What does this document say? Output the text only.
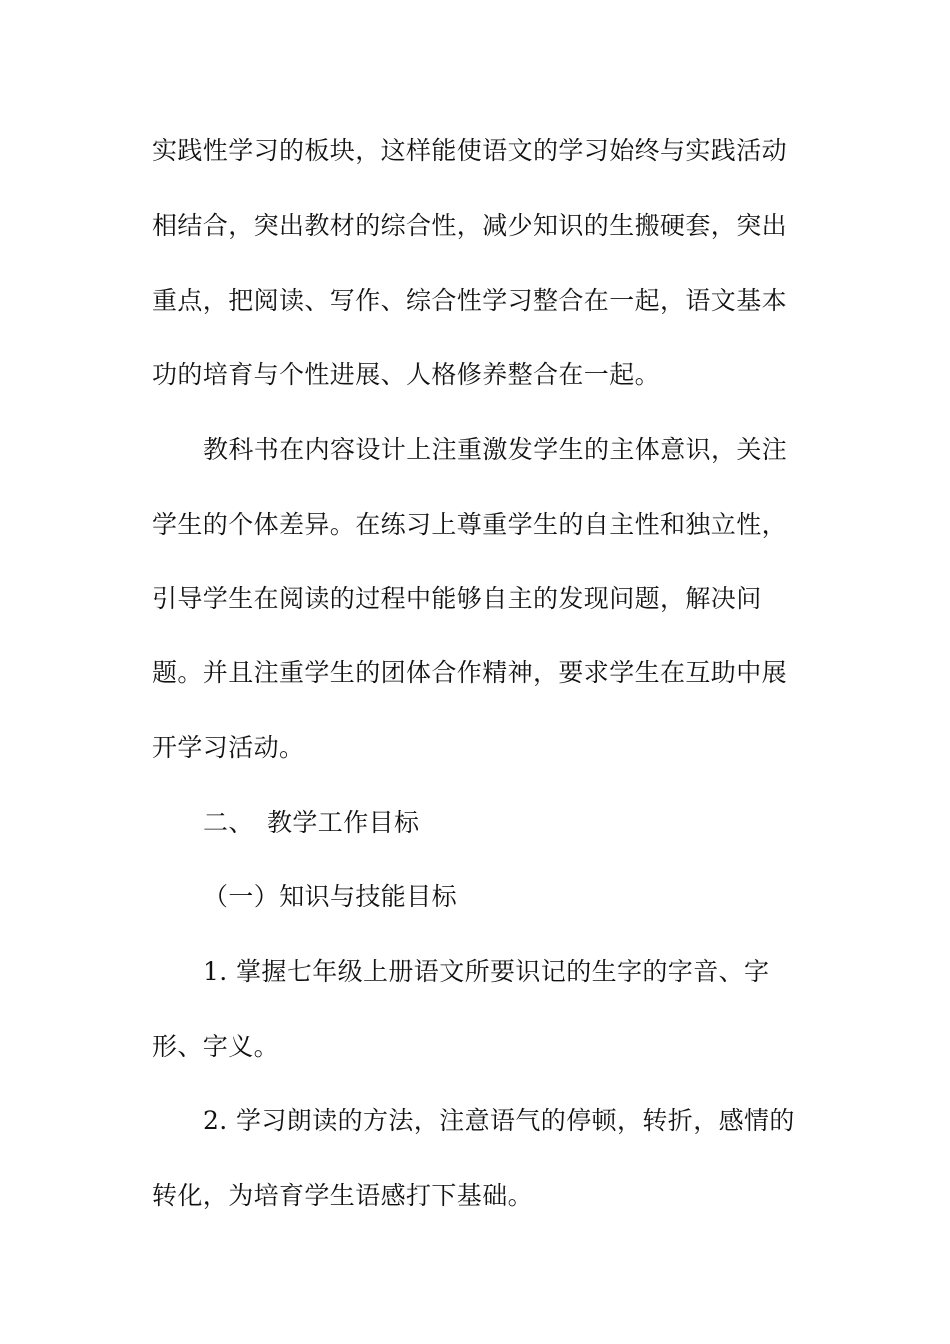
实践性学习的板块，这样能使语文的学习始终与实践活动
相结合，突出教材的综合性，减少知识的生搬硬套，突出
重点，把阅读、写作、综合性学习整合在一起，语文基本
功的培育与个性进展、人格修养整合在一起。
教科书在内容设计上注重激发学生的主体意识，关注
学生的个体差异。在练习上尊重学生的自主性和独立性，
引导学生在阅读的过程中能够自主的发现问题，解决问
题。并且注重学生的团体合作精神，要求学生在互助中展
开学习活动。
二、 教学工作目标
（一）知识与技能目标
1. 掌握七年级上册语文所要识记的生字的字音、字
形、字义。
2. 学习朗读的方法，注意语气的停顿，转折，感情的
转化，为培育学生语感打下基础。
